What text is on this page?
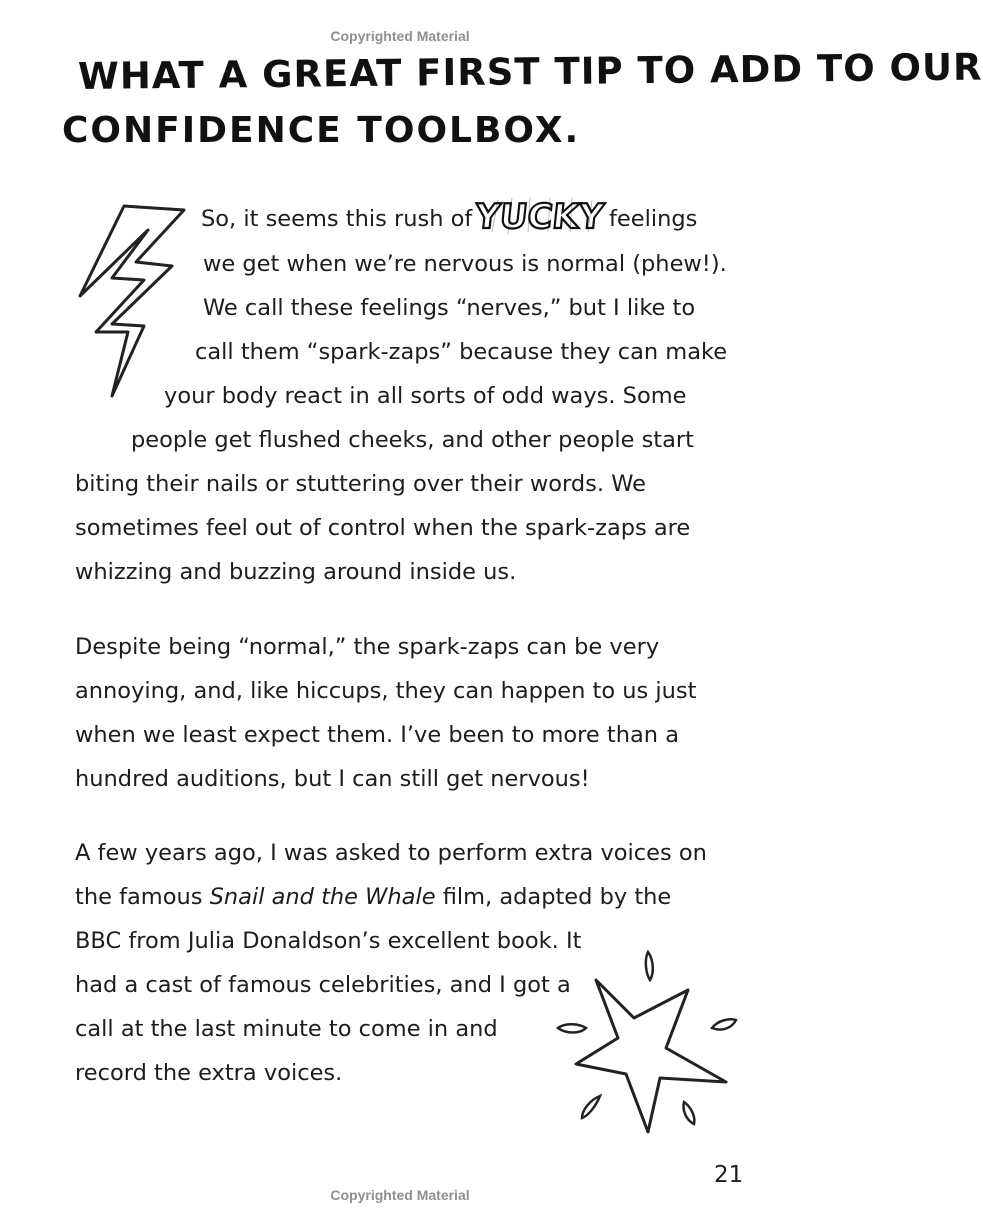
Copyrighted Material
WHAT A GREAT FIRST TIP TO ADD TO OUR
CONFIDENCE TOOLBOX.
So, it seems this rush of YUCKY feelings
we get when we’re nervous is normal (phew!).
We call these feelings “nerves,” but I like to
call them “spark-zaps” because they can make
your body react in all sorts of odd ways. Some
people get flushed cheeks, and other people start
biting their nails or stuttering over their words. We
sometimes feel out of control when the spark-zaps are
whizzing and buzzing around inside us.
Despite being “normal,” the spark-zaps can be very
annoying, and, like hiccups, they can happen to us just
when we least expect them. I’ve been to more than a
hundred auditions, but I can still get nervous!
A few years ago, I was asked to perform extra voices on
the famous Snail and the Whale film, adapted by the
BBC from Julia Donaldson’s excellent book. It
had a cast of famous celebrities, and I got a
call at the last minute to come in and
record the extra voices.
21
Copyrighted Material
